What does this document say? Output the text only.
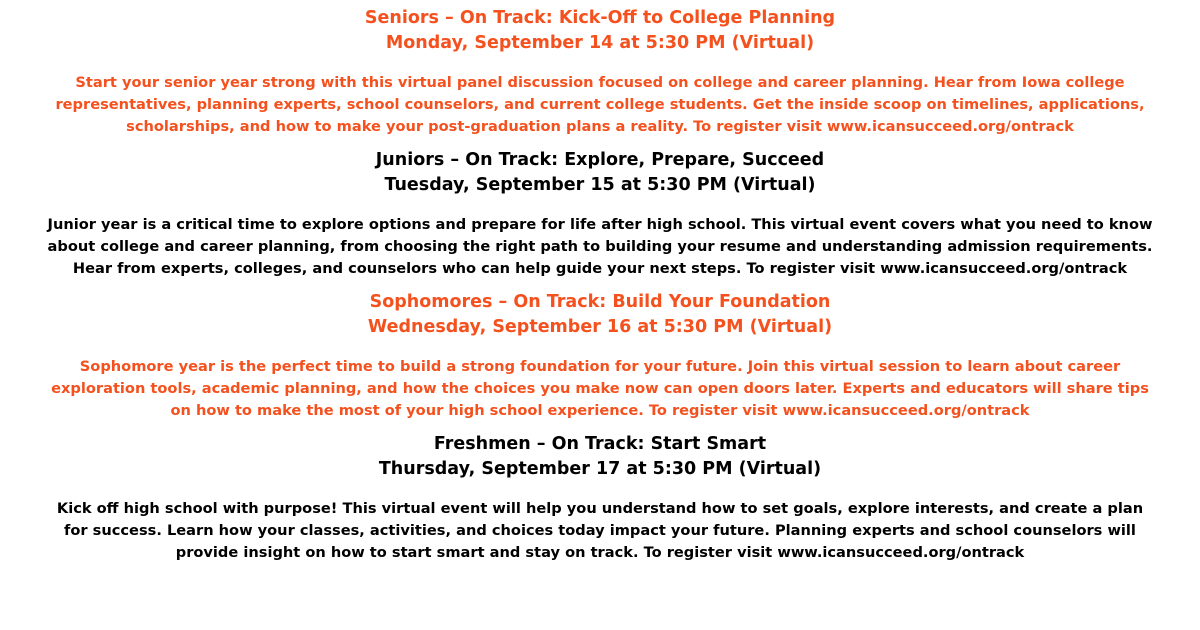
Seniors – On Track: Kick-Off to College Planning

Monday, September 14 at 5:30 PM (Virtual)

Start your senior year strong with this virtual panel discussion focused on college and career planning. Hear from Iowa college
representatives, planning experts, school counselors, and current college students. Get the inside scoop on timelines, applications,
scholarships, and how to make your post-graduation plans a reality. To register visit www.icansucceed.org/ontrack

Juniors – On Track: Explore, Prepare, Succeed

Tuesday, September 15 at 5:30 PM (Virtual)

Junior year is a critical time to explore options and prepare for life after high school. This virtual event covers what you need to know
about college and career planning, from choosing the right path to building your resume and understanding admission requirements.
Hear from experts, colleges, and counselors who can help guide your next steps. To register visit www.icansucceed.org/ontrack

Sophomores – On Track: Build Your Foundation

Wednesday, September 16 at 5:30 PM (Virtual)

Sophomore year is the perfect time to build a strong foundation for your future. Join this virtual session to learn about career
exploration tools, academic planning, and how the choices you make now can open doors later. Experts and educators will share tips
on how to make the most of your high school experience. To register visit www.icansucceed.org/ontrack

Freshmen – On Track: Start Smart

Thursday, September 17 at 5:30 PM (Virtual)

Kick off high school with purpose! This virtual event will help you understand how to set goals, explore interests, and create a plan
for success. Learn how your classes, activities, and choices today impact your future. Planning experts and school counselors will
provide insight on how to start smart and stay on track. To register visit www.icansucceed.org/ontrack
